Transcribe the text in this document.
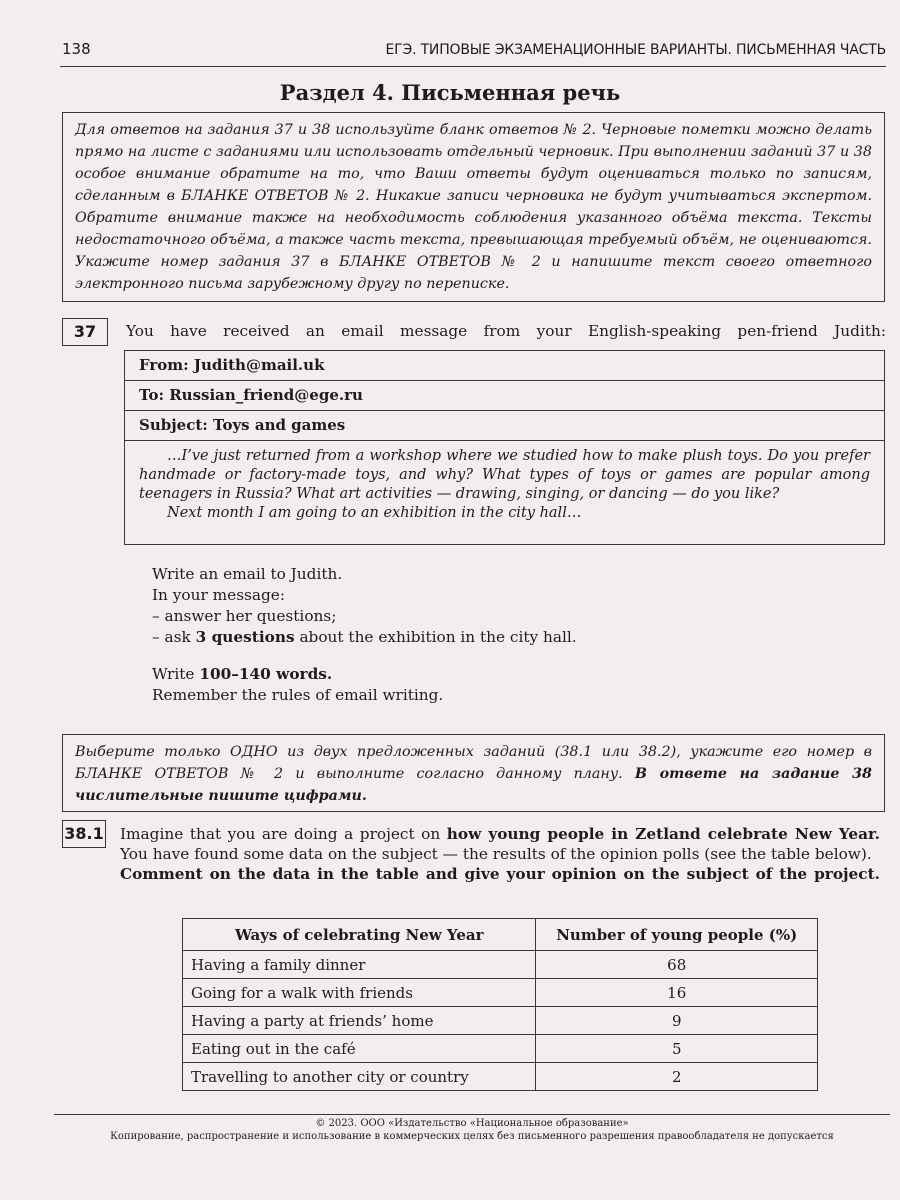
138	ЕГЭ. ТИПОВЫЕ ЭКЗАМЕНАЦИОННЫЕ ВАРИАНТЫ. ПИСЬМЕННАЯ ЧАСТЬ
Раздел 4. Письменная речь
Для ответов на задания 37 и 38 используйте бланк ответов № 2. Черновые пометки можно делать прямо на листе с заданиями или использовать отдельный черновик. При выполнении заданий 37 и 38 особое внимание обратите на то, что Ваши ответы будут оцениваться только по записям, сделанным в БЛАНКЕ ОТВЕТОВ № 2. Никакие записи черновика не будут учитываться экспертом. Обратите внимание также на необходимость соблюдения указанного объёма текста. Тексты недостаточного объёма, а также часть текста, превышающая требуемый объём, не оцениваются. Укажите номер задания 37 в БЛАНКЕ ОТВЕТОВ № 2 и напишите текст своего ответного электронного письма зарубежному другу по переписке.
37	You have received an email message from your English-speaking pen-friend Judith:
From: Judith@mail.uk
To: Russian_friend@ege.ru
Subject: Toys and games

…I’ve just returned from a workshop where we studied how to make plush toys. Do you prefer handmade or factory-made toys, and why? What types of toys or games are popular among teenagers in Russia? What art activities — drawing, singing, or dancing — do you like?

Next month I am going to an exhibition in the city hall…

Write an email to Judith.
In your message:
– answer her questions;
– ask 3 questions about the exhibition in the city hall.
Write 100–140 words.
Remember the rules of email writing.
Выберите только ОДНО из двух предложенных заданий (38.1 или 38.2), укажите его номер в БЛАНКЕ ОТВЕТОВ № 2 и выполните согласно данному плану. В ответе на задание 38 числительные пишите цифрами.
38.1 Imagine that you are doing a project on how young people in Zetland celebrate New Year. You have found some data on the subject — the results of the opinion polls (see the table below).
Comment on the data in the table and give your opinion on the subject of the project.
Ways of celebrating New Year	Number of young people (%)
Having a family dinner	68
Going for a walk with friends	16
Having a party at friends’ home	9
Eating out in the café	5
Travelling to another city or country	2
© 2023. ООО «Издательство «Национальное образование»
Копирование, распространение и использование в коммерческих целях без письменного разрешения правообладателя не допускается
